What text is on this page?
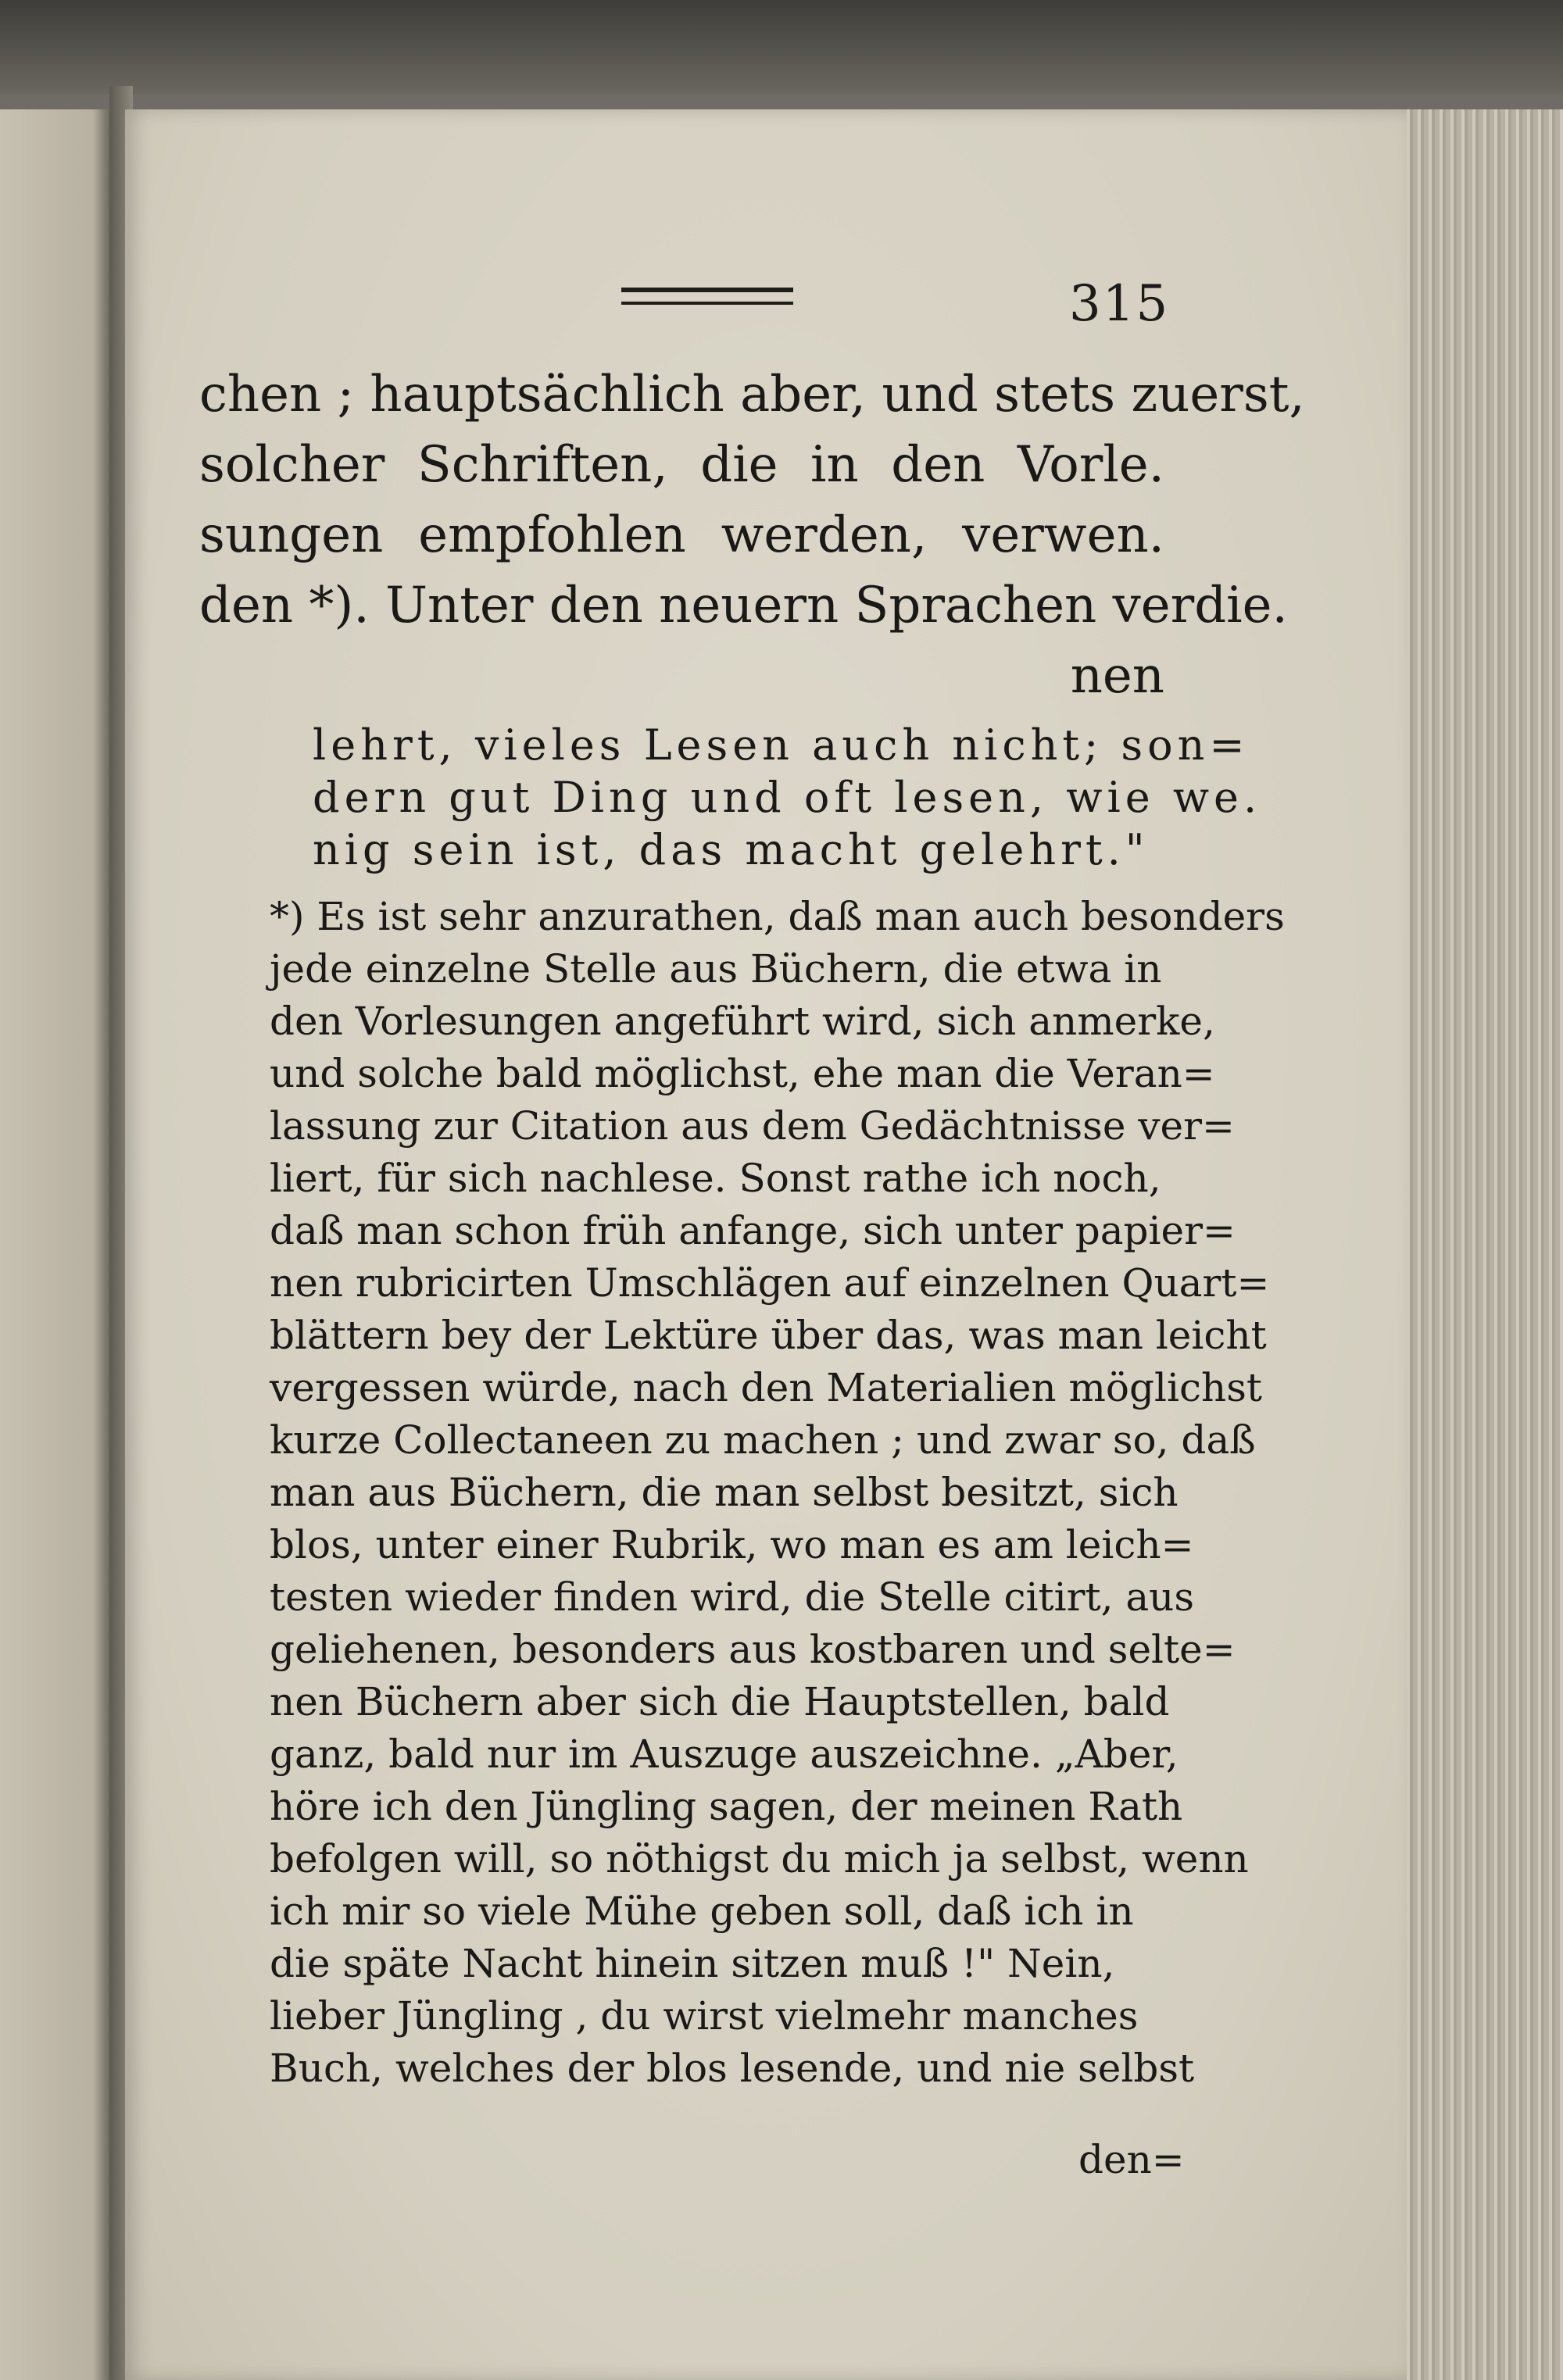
315
chen ; hauptsächlich aber, und stets zuerst,
solcher Schriften, die in den Vorle.
sungen empfohlen werden, verwen.
den *). Unter den neuern Sprachen verdie.
nen
lehrt, vieles Lesen auch nicht; son=
dern gut Ding und oft lesen, wie we.
nig sein ist, das macht gelehrt."
*) Es ist sehr anzurathen, daß man auch besonders
jede einzelne Stelle aus Büchern, die etwa in
den Vorlesungen angeführt wird, sich anmerke,
und solche bald möglichst, ehe man die Veran=
lassung zur Citation aus dem Gedächtnisse ver=
liert, für sich nachlese. Sonst rathe ich noch,
daß man schon früh anfange, sich unter papier=
nen rubricirten Umschlägen auf einzelnen Quart=
blättern bey der Lektüre über das, was man leicht
vergessen würde, nach den Materialien möglichst
kurze Collectaneen zu machen ; und zwar so, daß
man aus Büchern, die man selbst besitzt, sich
blos, unter einer Rubrik, wo man es am leich=
testen wieder finden wird, die Stelle citirt, aus
geliehenen, besonders aus kostbaren und selte=
nen Büchern aber sich die Hauptstellen, bald
ganz, bald nur im Auszuge auszeichne. „Aber,
höre ich den Jüngling sagen, der meinen Rath
befolgen will, so nöthigst du mich ja selbst, wenn
ich mir so viele Mühe geben soll, daß ich in
die späte Nacht hinein sitzen muß !" Nein,
lieber Jüngling , du wirst vielmehr manches
Buch, welches der blos lesende, und nie selbst
den=
